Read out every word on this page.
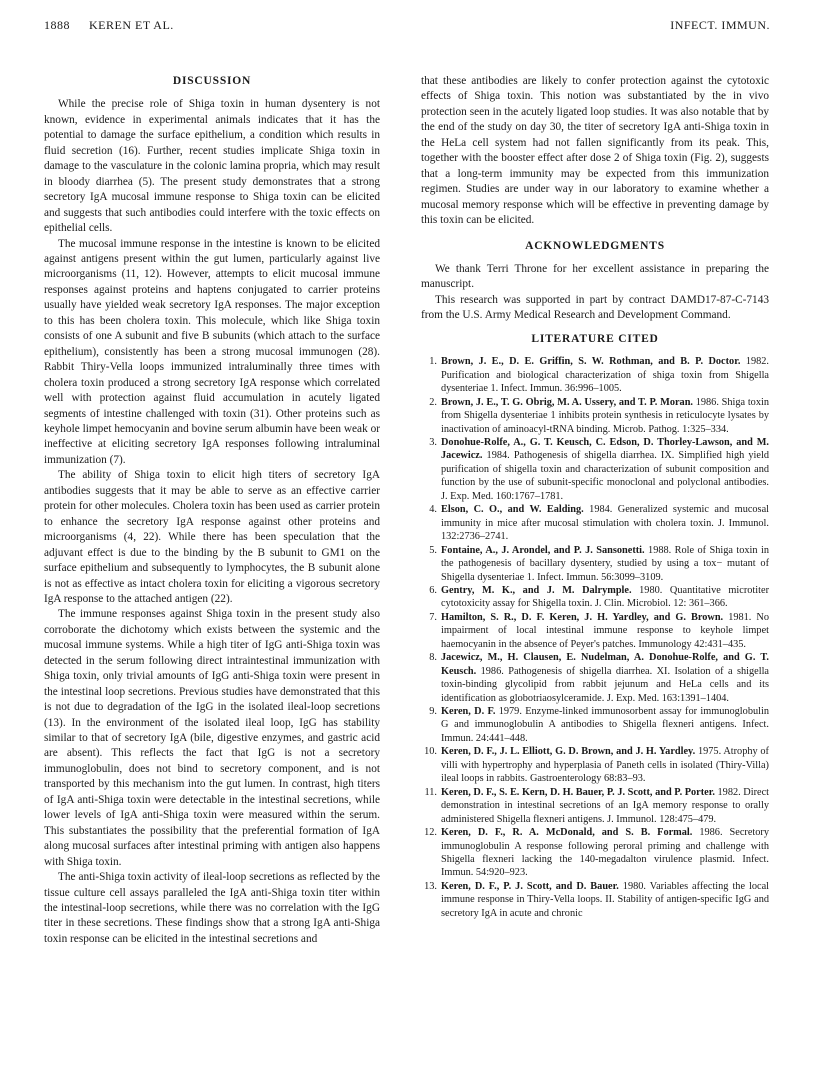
1888 KEREN ET AL.	INFECT. IMMUN.
DISCUSSION

While the precise role of Shiga toxin in human dysentery is not known, evidence in experimental animals indicates that it has the potential to damage the surface epithelium, a condition which results in fluid secretion (16). Further, recent studies implicate Shiga toxin in damage to the vasculature in the colonic lamina propria, which may result in bloody diarrhea (5). The present study demonstrates that a strong secretory IgA mucosal immune response to Shiga toxin can be elicited and suggests that such antibodies could interfere with the toxic effects on epithelial cells.

The mucosal immune response in the intestine is known to be elicited against antigens present within the gut lumen, particularly against live microorganisms (11, 12). However, attempts to elicit mucosal immune responses against proteins and haptens conjugated to carrier proteins usually have yielded weak secretory IgA responses. The major exception to this has been cholera toxin. This molecule, which like Shiga toxin consists of one A subunit and five B subunits (which attach to the surface epithelium), consistently has been a strong mucosal immunogen (28). Rabbit Thiry-Vella loops immunized intraluminally three times with cholera toxin produced a strong secretory IgA response which correlated well with protection against fluid accumulation in acutely ligated segments of intestine challenged with toxin (31). Other proteins such as keyhole limpet hemocyanin and bovine serum albumin have been weak or ineffective at eliciting secretory IgA responses following intraluminal immunization (7).

The ability of Shiga toxin to elicit high titers of secretory IgA antibodies suggests that it may be able to serve as an effective carrier protein for other molecules. Cholera toxin has been used as carrier protein to enhance the secretory IgA response against other proteins and microorganisms (4, 22). While there has been speculation that the adjuvant effect is due to the binding by the B subunit to GM1 on the surface epithelium and subsequently to lymphocytes, the B subunit alone is not as effective as intact cholera toxin for eliciting a vigorous secretory IgA response to the attached antigen (22).

The immune responses against Shiga toxin in the present study also corroborate the dichotomy which exists between the systemic and the mucosal immune systems. While a high titer of IgG anti-Shiga toxin was detected in the serum following direct intraintestinal immunization with Shiga toxin, only trivial amounts of IgG anti-Shiga toxin were present in the intestinal loop secretions. Previous studies have demonstrated that this is not due to degradation of the IgG in the isolated ileal-loop secretions (13). In the environment of the isolated ileal loop, IgG has stability similar to that of secretory IgA (bile, digestive enzymes, and gastric acid are absent). This reflects the fact that IgG is not a secretory immunoglobulin, does not bind to secretory component, and is not transported by this mechanism into the gut lumen. In contrast, high titers of IgA anti-Shiga toxin were detectable in the intestinal secretions, while lower levels of IgA anti-Shiga toxin were measured within the serum. This substantiates the possibility that the preferential formation of IgA along mucosal surfaces after intestinal priming with antigen also happens with Shiga toxin.

The anti-Shiga toxin activity of ileal-loop secretions as reflected by the tissue culture cell assays paralleled the IgA anti-Shiga toxin titer within the intestinal-loop secretions, while there was no correlation with the IgG titer in these secretions. These findings show that a strong IgA anti-Shiga toxin response can be elicited in the intestinal secretions and

that these antibodies are likely to confer protection against the cytotoxic effects of Shiga toxin. This notion was substantiated by the in vivo protection seen in the acutely ligated loop studies. It was also notable that by the end of the study on day 30, the titer of secretory IgA anti-Shiga toxin in the HeLa cell system had not fallen significantly from its peak. This, together with the booster effect after dose 2 of Shiga toxin (Fig. 2), suggests that a long-term immunity may be expected from this immunization regimen. Studies are under way in our laboratory to examine whether a mucosal memory response which will be effective in preventing damage by this toxin can be elicited.

ACKNOWLEDGMENTS

We thank Terri Throne for her excellent assistance in preparing the manuscript.

This research was supported in part by contract DAMD17-87-C-7143 from the U.S. Army Medical Research and Development Command.

LITERATURE CITED
1. Brown, J. E., D. E. Griffin, S. W. Rothman, and B. P. Doctor. 1982. Purification and biological characterization of shiga toxin from Shigella dysenteriae 1. Infect. Immun. 36:996–1005.
2. Brown, J. E., T. G. Obrig, M. A. Ussery, and T. P. Moran. 1986. Shiga toxin from Shigella dysenteriae 1 inhibits protein synthesis in reticulocyte lysates by inactivation of aminoacyl-tRNA binding. Microb. Pathog. 1:325–334.
3. Donohue-Rolfe, A., G. T. Keusch, C. Edson, D. Thorley-Lawson, and M. Jacewicz. 1984. Pathogenesis of shigella diarrhea. IX. Simplified high yield purification of shigella toxin and characterization of subunit composition and function by the use of subunit-specific monoclonal and polyclonal antibodies. J. Exp. Med. 160:1767–1781.
4. Elson, C. O., and W. Ealding. 1984. Generalized systemic and mucosal immunity in mice after mucosal stimulation with cholera toxin. J. Immunol. 132:2736–2741.
5. Fontaine, A., J. Arondel, and P. J. Sansonetti. 1988. Role of Shiga toxin in the pathogenesis of bacillary dysentery, studied by using a tox− mutant of Shigella dysenteriae 1. Infect. Immun. 56:3099–3109.
6. Gentry, M. K., and J. M. Dalrymple. 1980. Quantitative microtiter cytotoxicity assay for Shigella toxin. J. Clin. Microbiol. 12: 361–366.
7. Hamilton, S. R., D. F. Keren, J. H. Yardley, and G. Brown. 1981. No impairment of local intestinal immune response to keyhole limpet haemocyanin in the absence of Peyer's patches. Immunology 42:431–435.
8. Jacewicz, M., H. Clausen, E. Nudelman, A. Donohue-Rolfe, and G. T. Keusch. 1986. Pathogenesis of shigella diarrhea. XI. Isolation of a shigella toxin-binding glycolipid from rabbit jejunum and HeLa cells and its identification as globotriaosylceramide. J. Exp. Med. 163:1391–1404.
9. Keren, D. F. 1979. Enzyme-linked immunosorbent assay for immunoglobulin G and immunoglobulin A antibodies to Shigella flexneri antigens. Infect. Immun. 24:441–448.
10. Keren, D. F., J. L. Elliott, G. D. Brown, and J. H. Yardley. 1975. Atrophy of villi with hypertrophy and hyperplasia of Paneth cells in isolated (Thiry-Villa) ileal loops in rabbits. Gastroenterology 68:83–93.
11. Keren, D. F., S. E. Kern, D. H. Bauer, P. J. Scott, and P. Porter. 1982. Direct demonstration in intestinal secretions of an IgA memory response to orally administered Shigella flexneri antigens. J. Immunol. 128:475–479.
12. Keren, D. F., R. A. McDonald, and S. B. Formal. 1986. Secretory immunoglobulin A response following peroral priming and challenge with Shigella flexneri lacking the 140-megadalton virulence plasmid. Infect. Immun. 54:920–923.
13. Keren, D. F., P. J. Scott, and D. Bauer. 1980. Variables affecting the local immune response in Thiry-Vella loops. II. Stability of antigen-specific IgG and secretory IgA in acute and chronic
